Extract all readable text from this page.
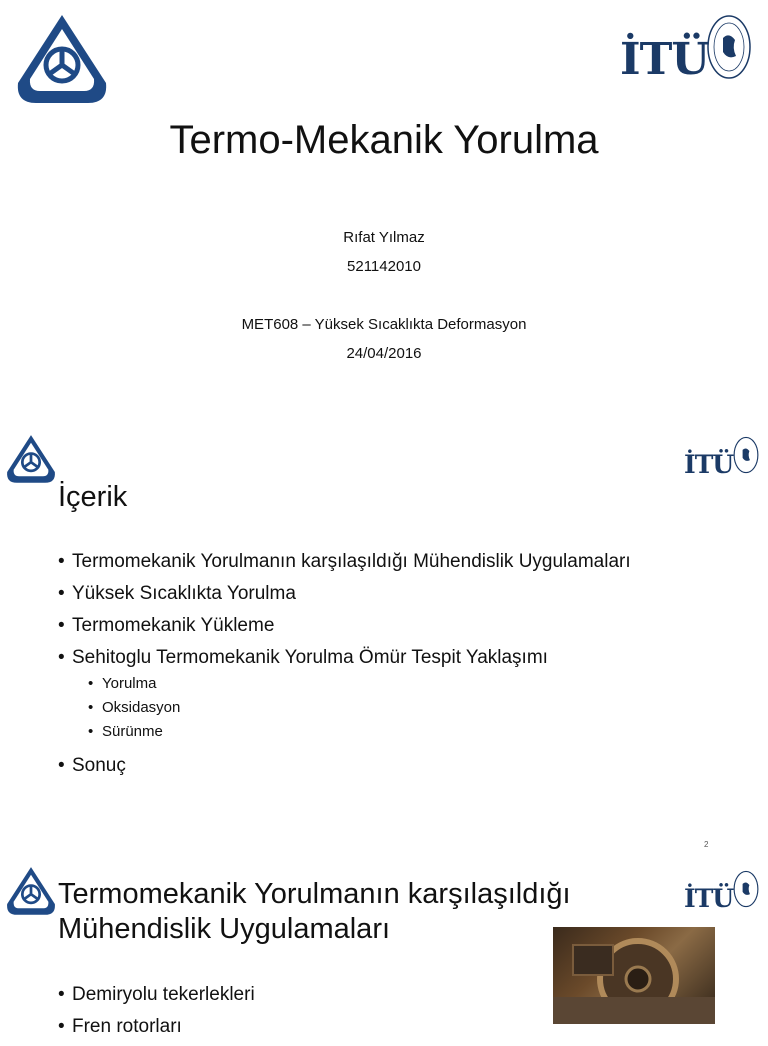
İTÜ
Termo-Mekanik Yorulma
Rıfat Yılmaz
521142010
MET608 – Yüksek Sıcaklıkta Deformasyon
24/04/2016
İTÜ
İçerik
• Termomekanik Yorulmanın karşılaşıldığı Mühendislik Uygulamaları
• Yüksek Sıcaklıkta Yorulma
• Termomekanik Yükleme
• Sehitoglu Termomekanik Yorulma Ömür Tespit Yaklaşımı
• Yorulma
• Oksidasyon
• Sürünme
• Sonuç
2
İTÜ
Termomekanik Yorulmanın karşılaşıldığı
Mühendislik Uygulamaları
• Demiryolu tekerlekleri
• Fren rotorları
